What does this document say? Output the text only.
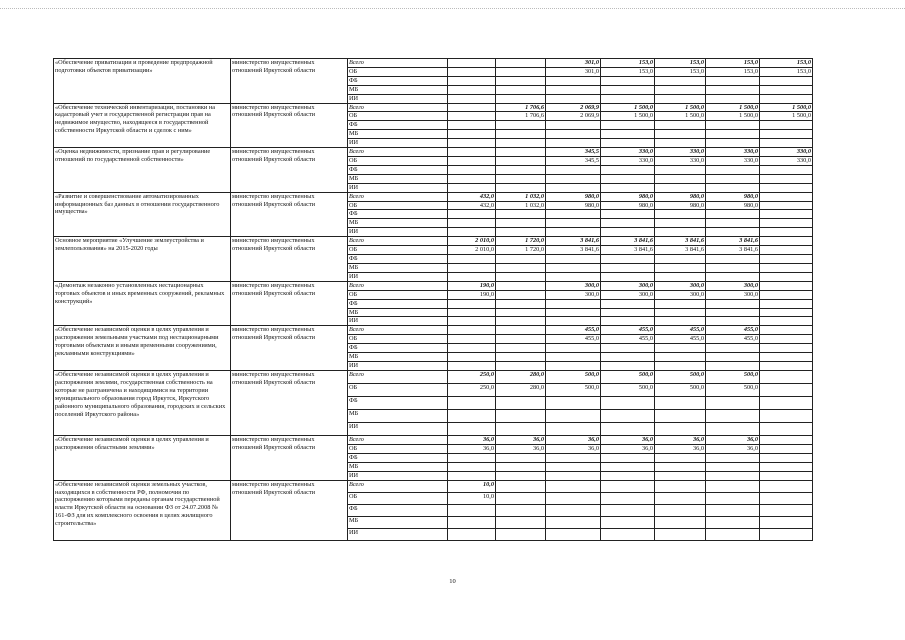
«Обеспечение приватизации и проведение предпродажной подготовки объектов приватизации»	министерство имущественных отношений Иркутской области	Всего			301,0	153,0	153,0	153,0	153,0
		ОБ			301,0	153,0	153,0	153,0	153,0
		ФБ							
		МБ							
		ИИ							
«Обеспечение технической инвентаризации, постановки на кадастровый учет и государственной регистрации прав на недвижимое имущество, находящееся в государственной собственности Иркутской области и сделок с ним»	министерство имущественных отношений Иркутской области	Всего		1 706,6	2 069,9	1 500,0	1 500,0	1 500,0	1 500,0
		ОБ		1 706,6	2 069,9	1 500,0	1 500,0	1 500,0	1 500,0
		ФБ							
		МБ							
		ИИ							
«Оценка недвижимости, признание прав и регулирование отношений по государственной собственности»	министерство имущественных отношений Иркутской области	Всего			345,5	330,0	330,0	330,0	330,0
		ОБ			345,5	330,0	330,0	330,0	330,0
		ФБ							
		МБ							
		ИИ							
«Развитие и совершенствование автоматизированных информационных баз данных в отношении государственного имущества»	министерство имущественных отношений Иркутской области	Всего	432,0	1 032,0	980,0	980,0	980,0	980,0	
		ОБ	432,0	1 032,0	980,0	980,0	980,0	980,0	
		ФБ							
		МБ							
		ИИ							
Основное мероприятие «Улучшение землеустройства и землепользования» на 2015-2020 годы	министерство имущественных отношений Иркутской области	Всего	2 010,0	1 720,0	3 841,6	3 841,6	3 841,6	3 841,6	
		ОБ	2 010,0	1 720,0	3 841,6	3 841,6	3 841,6	3 841,6	
		ФБ							
		МБ							
		ИИ							
«Демонтаж незаконно установленных нестационарных торговых объектов и иных временных сооружений, рекламных конструкций»	министерство имущественных отношений Иркутской области	Всего	190,0		300,0	300,0	300,0	300,0	
		ОБ	190,0		300,0	300,0	300,0	300,0	
		ФБ							
		МБ							
		ИИ							
«Обеспечение независимой оценки в целях управления и распоряжения земельными участками под нестационарными торговыми объектами и иными временными сооружениями, рекламными конструкциями»	министерство имущественных отношений Иркутской области	Всего			455,0	455,0	455,0	455,0	
		ОБ			455,0	455,0	455,0	455,0	
		ФБ							
		МБ							
		ИИ							
«Обеспечение независимой оценки в целях управления и распоряжения землями, государственная собственность на которые не разграничена и находящимися на территории муниципального образования город Иркутск, Иркутского районного муниципального образования, городских и сельских поселений Иркутского района»	министерство имущественных отношений Иркутской области	Всего	250,0	280,0	500,0	500,0	500,0	500,0	
		ОБ	250,0	280,0	500,0	500,0	500,0	500,0	
		ФБ							
		МБ							
		ИИ							
«Обеспечение независимой оценки в целях управления и распоряжения областными землями»	министерство имущественных отношений Иркутской области	Всего	36,0	36,0	36,0	36,0	36,0	36,0	
		ОБ	36,0	36,0	36,0	36,0	36,0	36,0	
		ФБ							
		МБ							
		ИИ							
«Обеспечение независимой оценки земельных участков, находящихся в собственности РФ, полномочия по распоряжению которыми переданы органам государственной власти Иркутской области на основании ФЗ от 24.07.2008 № 161-ФЗ для их комплексного освоения в целях жилищного строительства»	министерство имущественных отношений Иркутской области	Всего	10,0						
		ОБ	10,0						
		ФБ							
		МБ							
		ИИ							
10
